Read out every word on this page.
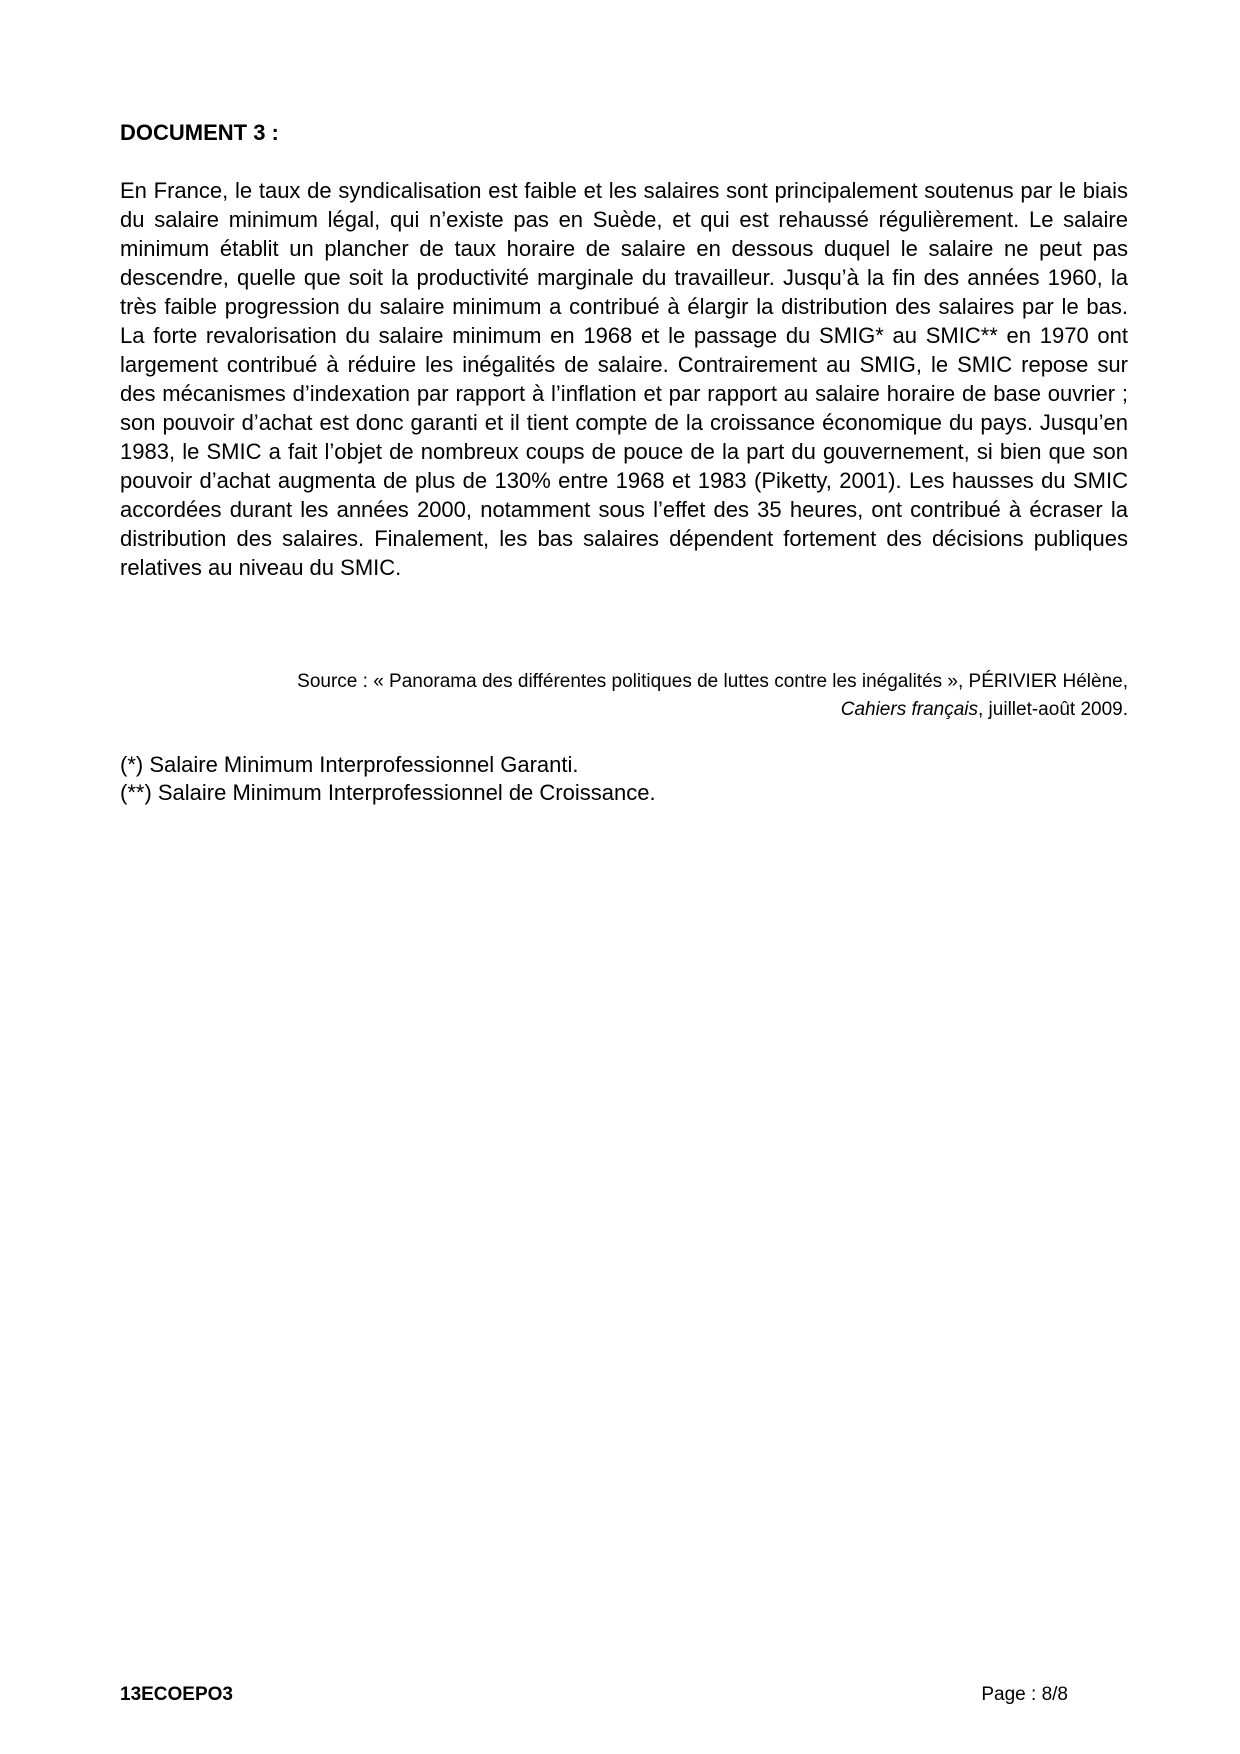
DOCUMENT 3 :

En France, le taux de syndicalisation est faible et les salaires sont principalement soutenus par le biais du salaire minimum légal, qui n’existe pas en Suède, et qui est rehaussé régulièrement. Le salaire minimum établit un plancher de taux horaire de salaire en dessous duquel le salaire ne peut pas descendre, quelle que soit la productivité marginale du travailleur. Jusqu’à la fin des années 1960, la très faible progression du salaire minimum a contribué à élargir la distribution des salaires par le bas. La forte revalorisation du salaire minimum en 1968 et le passage du SMIG* au SMIC** en 1970 ont largement contribué à réduire les inégalités de salaire. Contrairement au SMIG, le SMIC repose sur des mécanismes d’indexation par rapport à l’inflation et par rapport au salaire horaire de base ouvrier ; son pouvoir d’achat est donc garanti et il tient compte de la croissance économique du pays. Jusqu’en 1983, le SMIC a fait l’objet de nombreux coups de pouce de la part du gouvernement, si bien que son pouvoir d’achat augmenta de plus de 130% entre 1968 et 1983 (Piketty, 2001). Les hausses du SMIC accordées durant les années 2000, notamment sous l’effet des 35 heures, ont contribué à écraser la distribution des salaires. Finalement, les bas salaires dépendent fortement des décisions publiques relatives au niveau du SMIC.

Source : « Panorama des différentes politiques de luttes contre les inégalités », PÉRIVIER Hélène,
Cahiers français, juillet-août 2009.

(*) Salaire Minimum Interprofessionnel Garanti.
(**) Salaire Minimum Interprofessionnel de Croissance.

13ECOEPO3	Page : 8/8
